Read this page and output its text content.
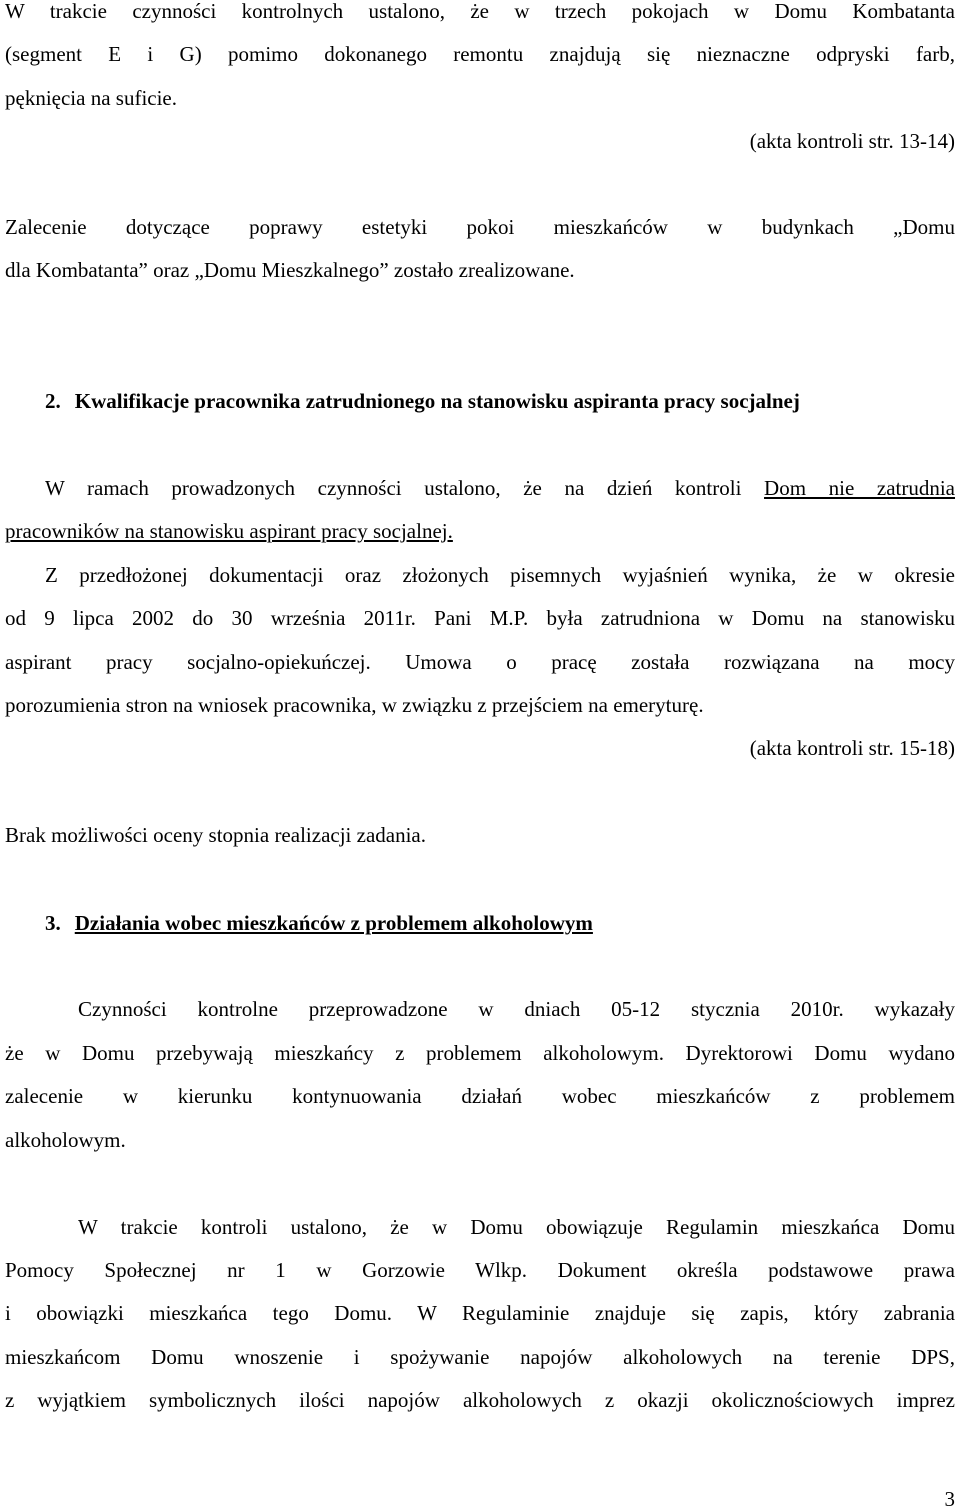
W trakcie czynności kontrolnych ustalono, że w trzech pokojach w Domu Kombatanta
(segment E i G) pomimo dokonanego remontu znajdują się nieznaczne odpryski farb,
pęknięcia na suficie.
(akta kontroli str. 13-14)
Zalecenie dotyczące poprawy estetyki pokoi mieszkańców w budynkach „Domu
dla Kombatanta” oraz „Domu Mieszkalnego” zostało zrealizowane.
2. Kwalifikacje pracownika zatrudnionego na stanowisku aspiranta pracy socjalnej
W ramach prowadzonych czynności ustalono, że na dzień kontroli Dom nie zatrudnia
pracowników na stanowisku aspirant pracy socjalnej.
Z przedłożonej dokumentacji oraz złożonych pisemnych wyjaśnień wynika, że w okresie
od 9 lipca 2002 do 30 września 2011r. Pani M.P. była zatrudniona w Domu na stanowisku
aspirant pracy socjalno-opiekuńczej. Umowa o pracę została rozwiązana na mocy
porozumienia stron na wniosek pracownika, w związku z przejściem na emeryturę.
(akta kontroli str. 15-18)
Brak możliwości oceny stopnia realizacji zadania.
3. Działania wobec mieszkańców z problemem alkoholowym
Czynności kontrolne przeprowadzone w dniach 05-12 stycznia 2010r. wykazały
że w Domu przebywają mieszkańcy z problemem alkoholowym. Dyrektorowi Domu wydano
zalecenie w kierunku kontynuowania działań wobec mieszkańców z problemem
alkoholowym.
W trakcie kontroli ustalono, że w Domu obowiązuje Regulamin mieszkańca Domu
Pomocy Społecznej nr 1 w Gorzowie Wlkp. Dokument określa podstawowe prawa
i obowiązki mieszkańca tego Domu. W Regulaminie znajduje się zapis, który zabrania
mieszkańcom Domu wnoszenie i spożywanie napojów alkoholowych na terenie DPS,
z wyjątkiem symbolicznych ilości napojów alkoholowych z okazji okolicznościowych imprez
3
